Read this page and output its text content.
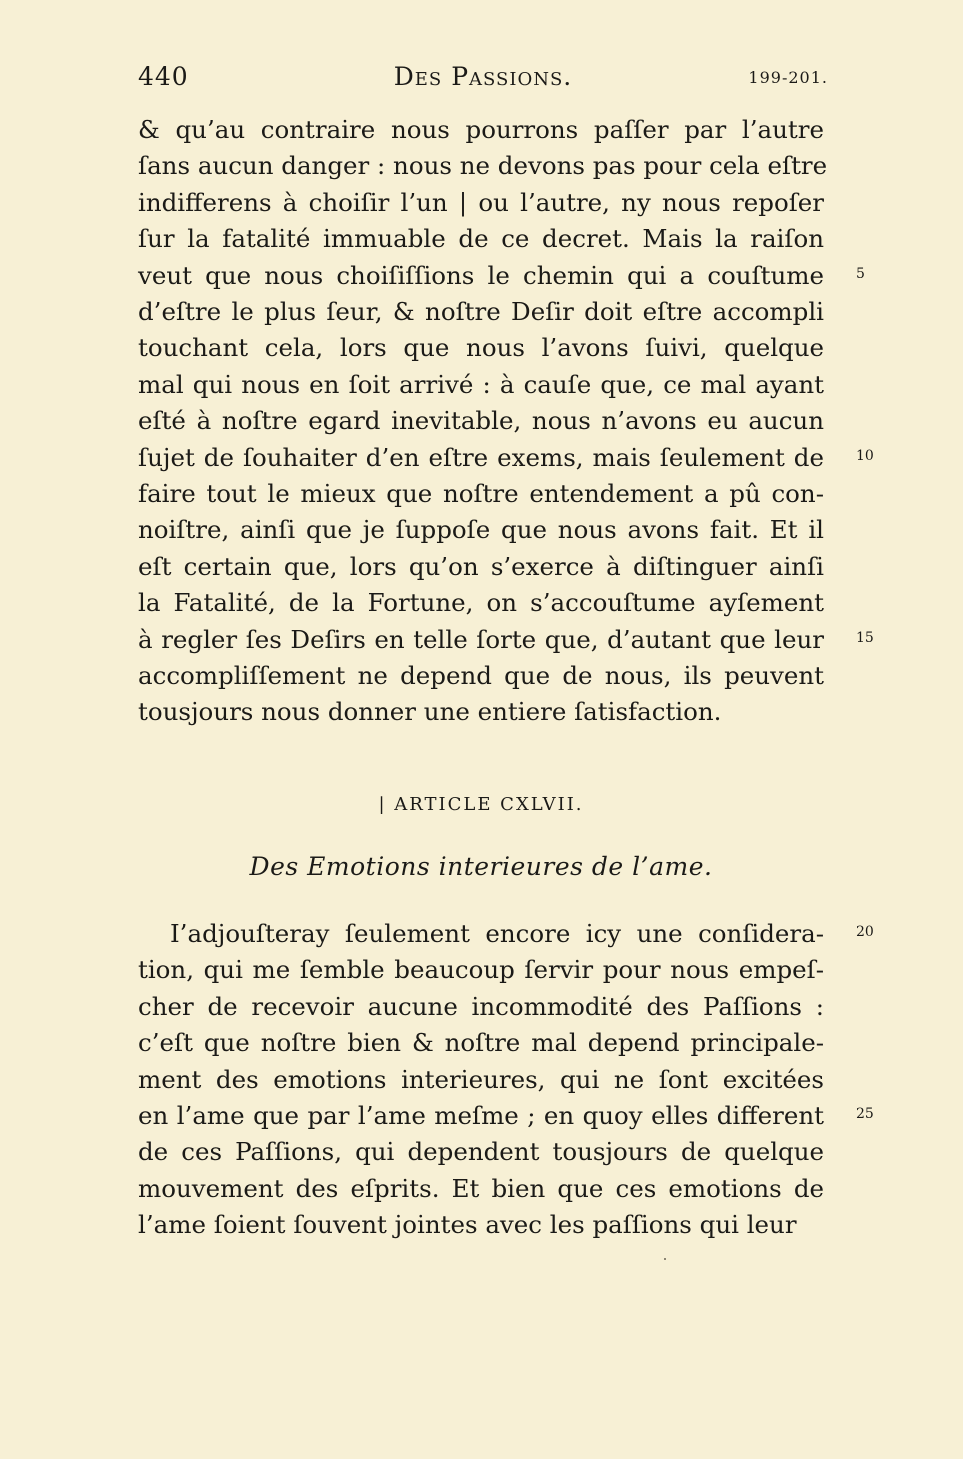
440	Des Passions.	199-201.
& qu’au contraire nous pourrons paſſer par l’autre
ſans aucun danger : nous ne devons pas pour cela eſtre
indifferens à choiſir l’un | ou l’autre, ny nous repoſer
ſur la fatalité immuable de ce decret. Mais la raiſon
veut que nous choiſiſſions le chemin qui a couſtume 5
d’eſtre le plus ſeur, & noſtre Deſir doit eſtre accompli
touchant cela, lors que nous l’avons ſuivi, quelque
mal qui nous en ſoit arrivé : à cauſe que, ce mal ayant
eſté à noſtre egard inevitable, nous n’avons eu aucun
ſujet de ſouhaiter d’en eſtre exems, mais ſeulement de 10
faire tout le mieux que noſtre entendement a pû con-
noiſtre, ainſi que je ſuppoſe que nous avons fait. Et il
eſt certain que, lors qu’on s’exerce à diſtinguer ainſi
la Fatalité, de la Fortune, on s’accouſtume ayſement
à regler ſes Deſirs en telle ſorte que, d’autant que leur 15
accompliſſement ne depend que de nous, ils peuvent
tousjours nous donner une entiere ſatisfaction.
| ARTICLE CXLVII.
Des Emotions interieures de l’ame.
I’adjouſteray ſeulement encore icy une conſidera- 20
tion, qui me ſemble beaucoup ſervir pour nous empeſ-
cher de recevoir aucune incommodité des Paſſions :
c’eſt que noſtre bien & noſtre mal depend principale-
ment des emotions interieures, qui ne ſont excitées
en l’ame que par l’ame meſme ; en quoy elles different 25
de ces Paſſions, qui dependent tousjours de quelque
mouvement des eſprits. Et bien que ces emotions de
l’ame ſoient ſouvent jointes avec les paſſions qui leur
